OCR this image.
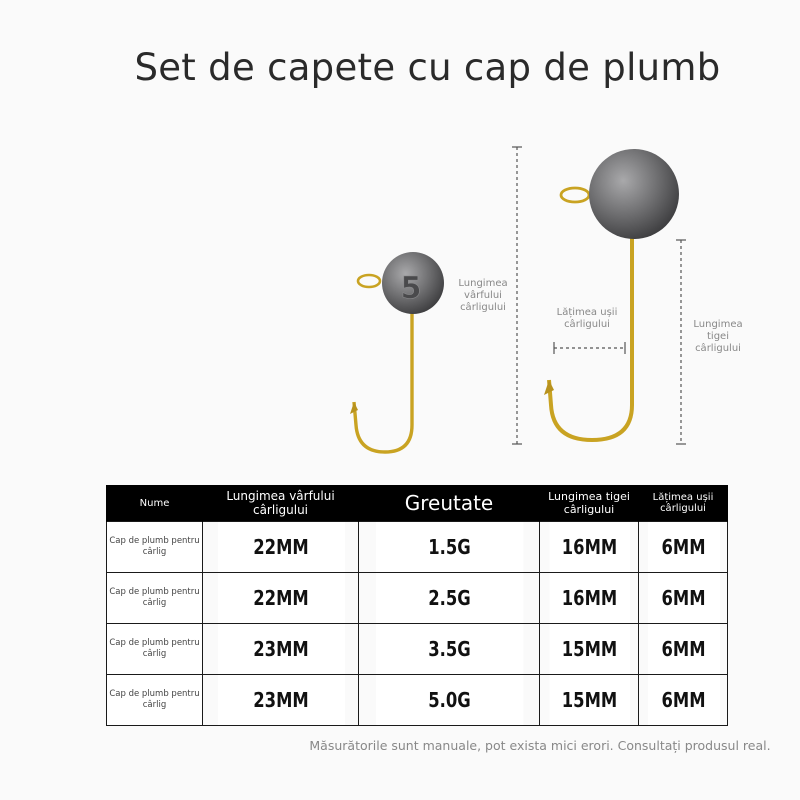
Set de capete cu cap de plumb
5	Lungimea vârfului cârligului	Lățimea ușii cârligului	Lungimea tigei cârligului
Nume	Lungimea vârfului cârligului	Greutate	Lungimea tigei cârligului	Lățimea ușii cârligului
Cap de plumb pentru cârlig	22MM	1.5G	16MM	6MM
Cap de plumb pentru cârlig	22MM	2.5G	16MM	6MM
Cap de plumb pentru cârlig	23MM	3.5G	15MM	6MM
Cap de plumb pentru cârlig	23MM	5.0G	15MM	6MM
Măsurătorile sunt manuale, pot exista mici erori. Consultați produsul real.
